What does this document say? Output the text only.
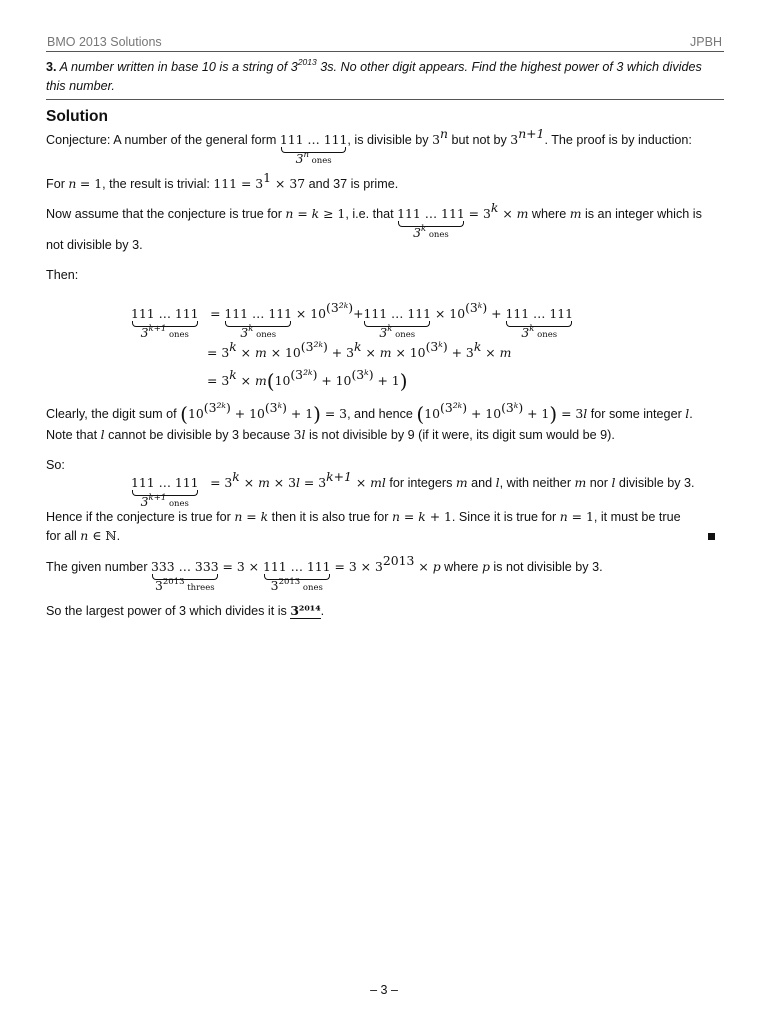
BMO 2013 Solutions	JPBH
3. A number written in base 10 is a string of $3^{2013}$ 3s. No other digit appears. Find the highest power of 3 which divides this number.
Solution
Conjecture: A number of the general form 111 … 111
3n ones
, is divisible by 3$^n$ but not by $3^{n+1}$. The proof is by induction:
For n = 1, the result is trivial: $111 = 3^1 \times 37$ and 37 is prime.
Now assume that the conjecture is true for n = k ≥ 1, i.e. that 111 … 111
3k ones
= $3^k \times m$ where m is an integer which is
not divisible by 3.
Then:
111 … 111
3k+1 ones
= 111 … 111
3k ones
× $10^{(3^2ᵏ)}+ 111$ … 111
3k ones
× $10^{(3ᵏ)} + 111$ … 111
3k ones
= $3^k \times m \times 10^{(3^2ᵏ)} + 3^k \times m \times 10^{(3ᵏ)} + 3^k \times m$
= $3^k \times m(10^{(3^2ᵏ)} + 10^{(3ᵏ)} + 1)$
Clearly, the digit sum of $(10^{(3^2ᵏ)} + 10^{(3ᵏ)} + 1) = 3$, and hence $(10^{(3^2ᵏ)} + 10^{(3ᵏ)} + 1) = 3l$ for some integer l.
Note that l cannot be divisible by 3 because 3l is not divisible by 9 (if it were, its digit sum would be 9).
So:
111 … 111
3k+1 ones
= $3^k \times m \times 3l = 3^{k+1}$ × ml for integers m and l, with neither m nor l divisible by 3.
Hence if the conjecture is true for n = k then it is also true for n = k + 1. Since it is true for n = 1, it must be true
for all n ∈ ℕ.
The given number 333 … 333
32013 threes
= 3 × 111 … 111
32013 ones
= $3 \times 3^{2013} \times p$ where p is not divisible by 3.
So the largest power of 3 which divides it is 3²⁰¹⁴.
– 3 –
